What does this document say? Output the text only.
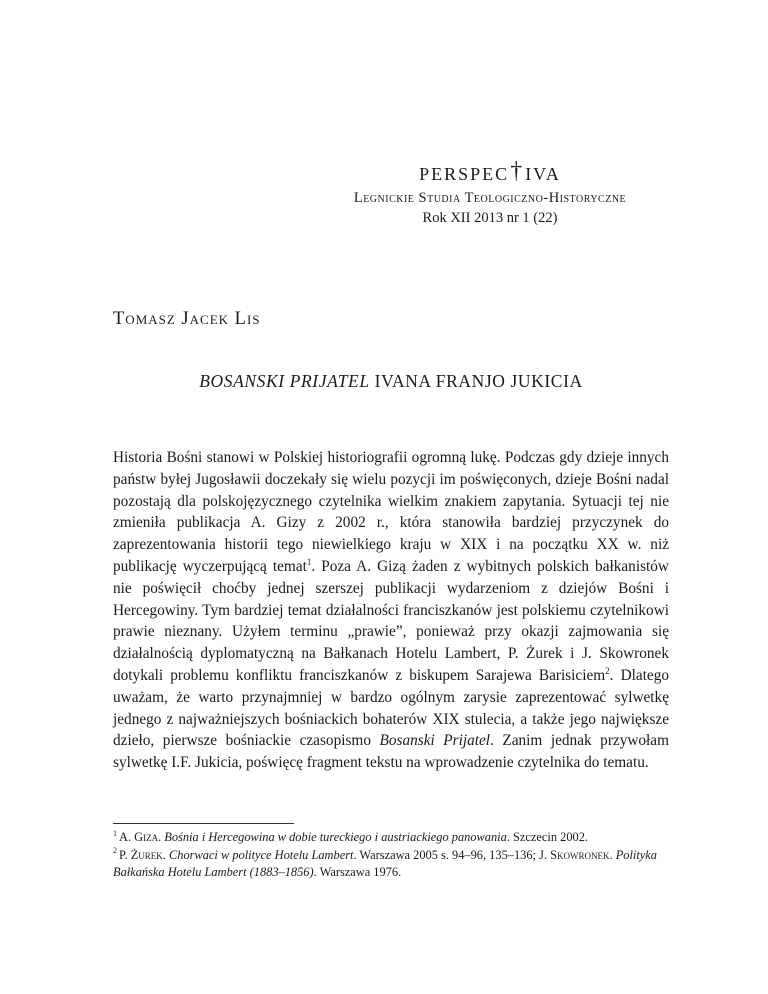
perspec†iva
Legnickie Studia Teologiczno-Historyczne
Rok XII 2013 nr 1 (22)
Tomasz Jacek Lis
BOSANSKI PRIJATEL IVANA FRANJO JUKICIA

Historia Bośni stanowi w Polskiej historiografii ogromną lukę. Podczas gdy dzieje innych państw byłej Jugosławii doczekały się wielu pozycji im poświęconych, dzieje Bośni nadal pozostają dla polskojęzycznego czytelnika wielkim znakiem zapytania. Sytuacji tej nie zmieniła publikacja A. Gizy z 2002 r., która stanowiła bardziej przyczynek do zaprezentowania historii tego niewielkiego kraju w XIX i na początku XX w. niż publikację wyczerpującą temat$^1$. Poza A. Gizą żaden z wybitnych polskich bałkanistów nie poświęcił choćby jednej szerszej publikacji wydarzeniom z dziejów Bośni i Hercegowiny. Tym bardziej temat działalności franciszkanów jest polskiemu czytelnikowi prawie nieznany. Użyłem terminu „prawie”, ponieważ przy okazji zajmowania się działalnością dyplomatyczną na Bałkanach Hotelu Lambert, P. Żurek i J. Skowronek dotykali problemu konfliktu franciszkanów z biskupem Sarajewa Barisiciem$^2$. Dlatego uważam, że warto przynajmniej w bardzo ogólnym zarysie zaprezentować sylwetkę jednego z najważniejszych bośniackich bohaterów XIX stulecia, a także jego największe dzieło, pierwsze bośniackie czasopismo Bosanski Prijatel. Zanim jednak przywołam sylwetkę I.F. Jukicia, poświęcę fragment tekstu na wprowadzenie czytelnika do tematu.

$^1$ A. Giza. Bośnia i Hercegowina w dobie tureckiego i austriackiego panowania. Szczecin 2002.

$^2$ P. Żurek. Chorwaci w polityce Hotelu Lambert. Warszawa 2005 s. 94–96, 135–136; J. Skowronek. Polityka Bałkańska Hotelu Lambert (1883–1856). Warszawa 1976.
